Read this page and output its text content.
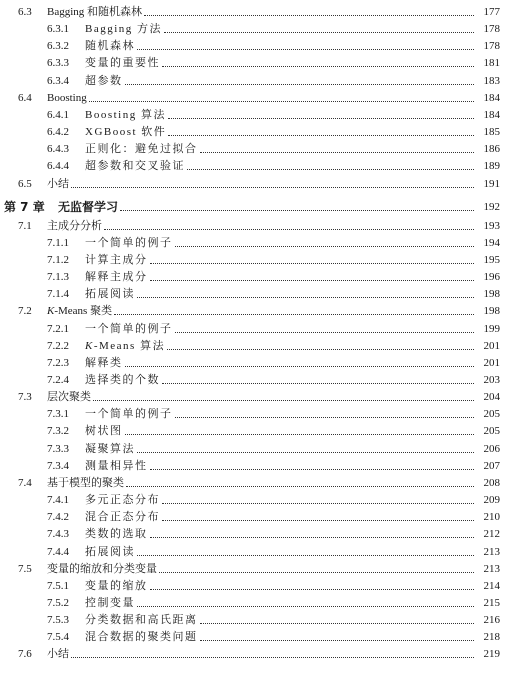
6.3	Bagging 和随机森林	177
6.3.1	Bagging 方法	178
6.3.2	随机森林	178
6.3.3	变量的重要性	181
6.3.4	超参数	183
6.4	Boosting	184
6.4.1	Boosting 算法	184
6.4.2	XGBoost 软件	185
6.4.3	正则化：避免过拟合	186
6.4.4	超参数和交叉验证	189
6.5	小结	191
第 7 章	无监督学习	192
7.1	主成分分析	193
7.1.1	一个简单的例子	194
7.1.2	计算主成分	195
7.1.3	解释主成分	196
7.1.4	拓展阅读	198
7.2	K-Means 聚类	198
7.2.1	一个简单的例子	199
7.2.2	K-Means 算法	201
7.2.3	解释类	201
7.2.4	选择类的个数	203
7.3	层次聚类	204
7.3.1	一个简单的例子	205
7.3.2	树状图	205
7.3.3	凝聚算法	206
7.3.4	测量相异性	207
7.4	基于模型的聚类	208
7.4.1	多元正态分布	209
7.4.2	混合正态分布	210
7.4.3	类数的选取	212
7.4.4	拓展阅读	213
7.5	变量的缩放和分类变量	213
7.5.1	变量的缩放	214
7.5.2	控制变量	215
7.5.3	分类数据和高氏距离	216
7.5.4	混合数据的聚类问题	218
7.6	小结	219
